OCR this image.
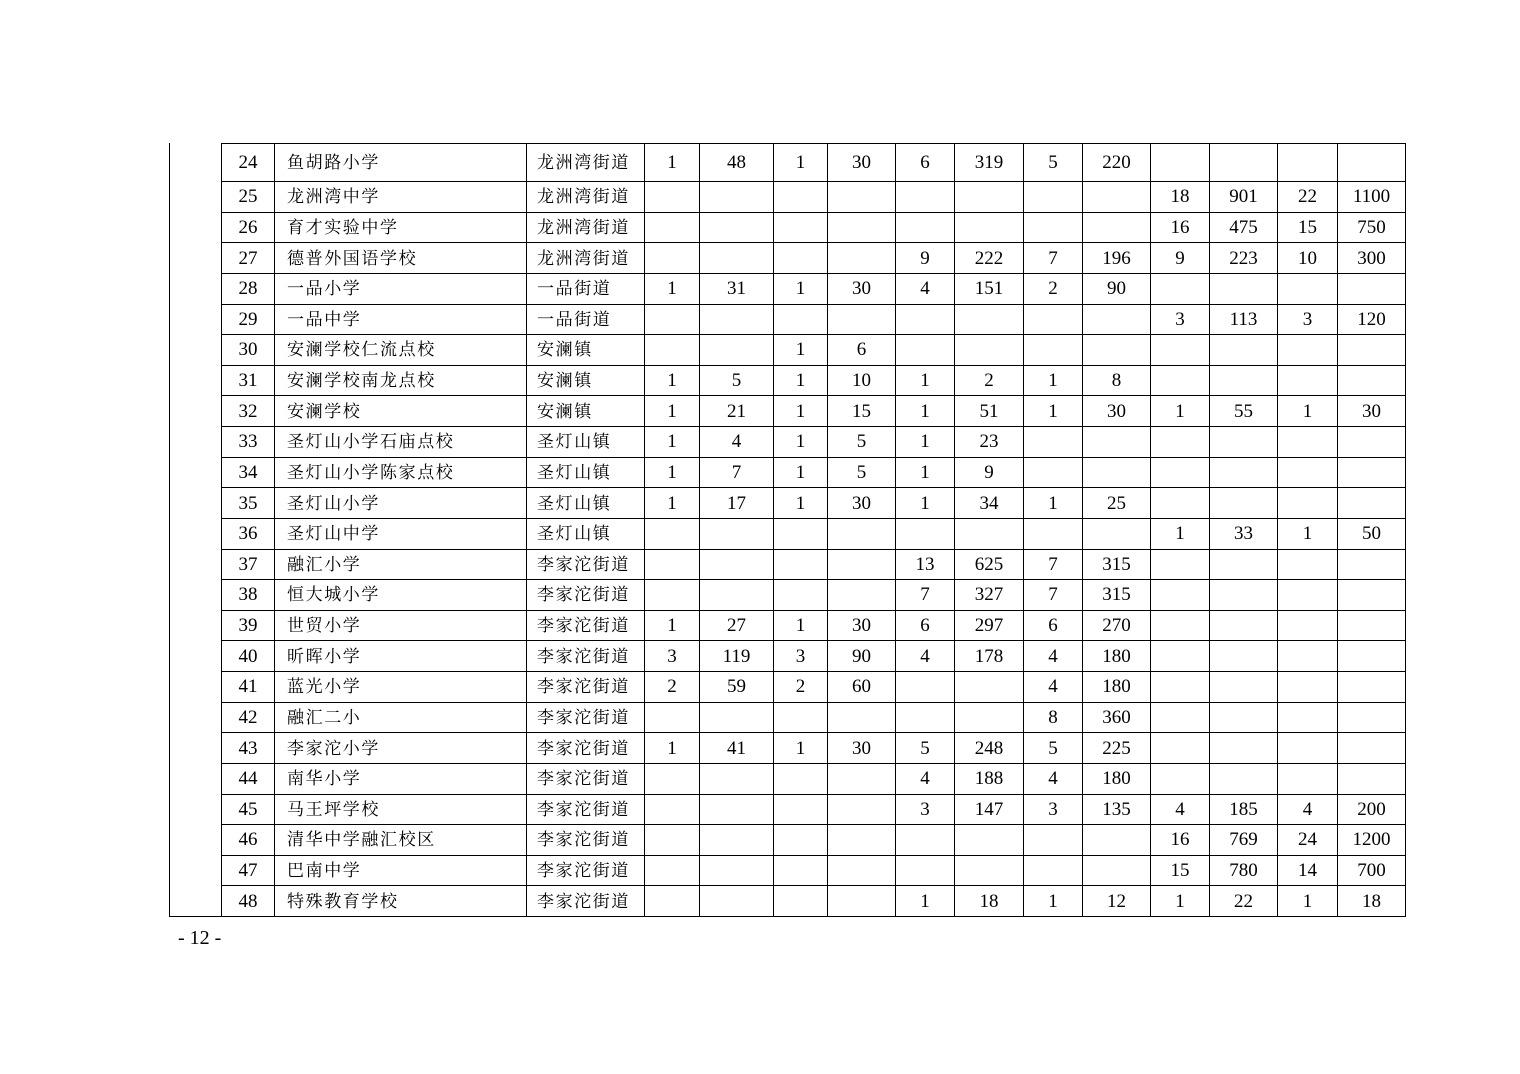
24	鱼胡路小学	龙洲湾街道	1	48	1	30	6	319	5	220				
25	龙洲湾中学	龙洲湾街道									18	901	22	1100
26	育才实验中学	龙洲湾街道									16	475	15	750
27	德普外国语学校	龙洲湾街道					9	222	7	196	9	223	10	300
28	一品小学	一品街道	1	31	1	30	4	151	2	90				
29	一品中学	一品街道									3	113	3	120
30	安澜学校仁流点校	安澜镇			1	6								
31	安澜学校南龙点校	安澜镇	1	5	1	10	1	2	1	8				
32	安澜学校	安澜镇	1	21	1	15	1	51	1	30	1	55	1	30
33	圣灯山小学石庙点校	圣灯山镇	1	4	1	5	1	23						
34	圣灯山小学陈家点校	圣灯山镇	1	7	1	5	1	9						
35	圣灯山小学	圣灯山镇	1	17	1	30	1	34	1	25				
36	圣灯山中学	圣灯山镇									1	33	1	50
37	融汇小学	李家沱街道					13	625	7	315				
38	恒大城小学	李家沱街道					7	327	7	315				
39	世贸小学	李家沱街道	1	27	1	30	6	297	6	270				
40	昕晖小学	李家沱街道	3	119	3	90	4	178	4	180				
41	蓝光小学	李家沱街道	2	59	2	60			4	180				
42	融汇二小	李家沱街道							8	360				
43	李家沱小学	李家沱街道	1	41	1	30	5	248	5	225				
44	南华小学	李家沱街道					4	188	4	180				
45	马王坪学校	李家沱街道					3	147	3	135	4	185	4	200
46	清华中学融汇校区	李家沱街道									16	769	24	1200
47	巴南中学	李家沱街道									15	780	14	700
48	特殊教育学校	李家沱街道					1	18	1	12	1	22	1	18
- 12 -
